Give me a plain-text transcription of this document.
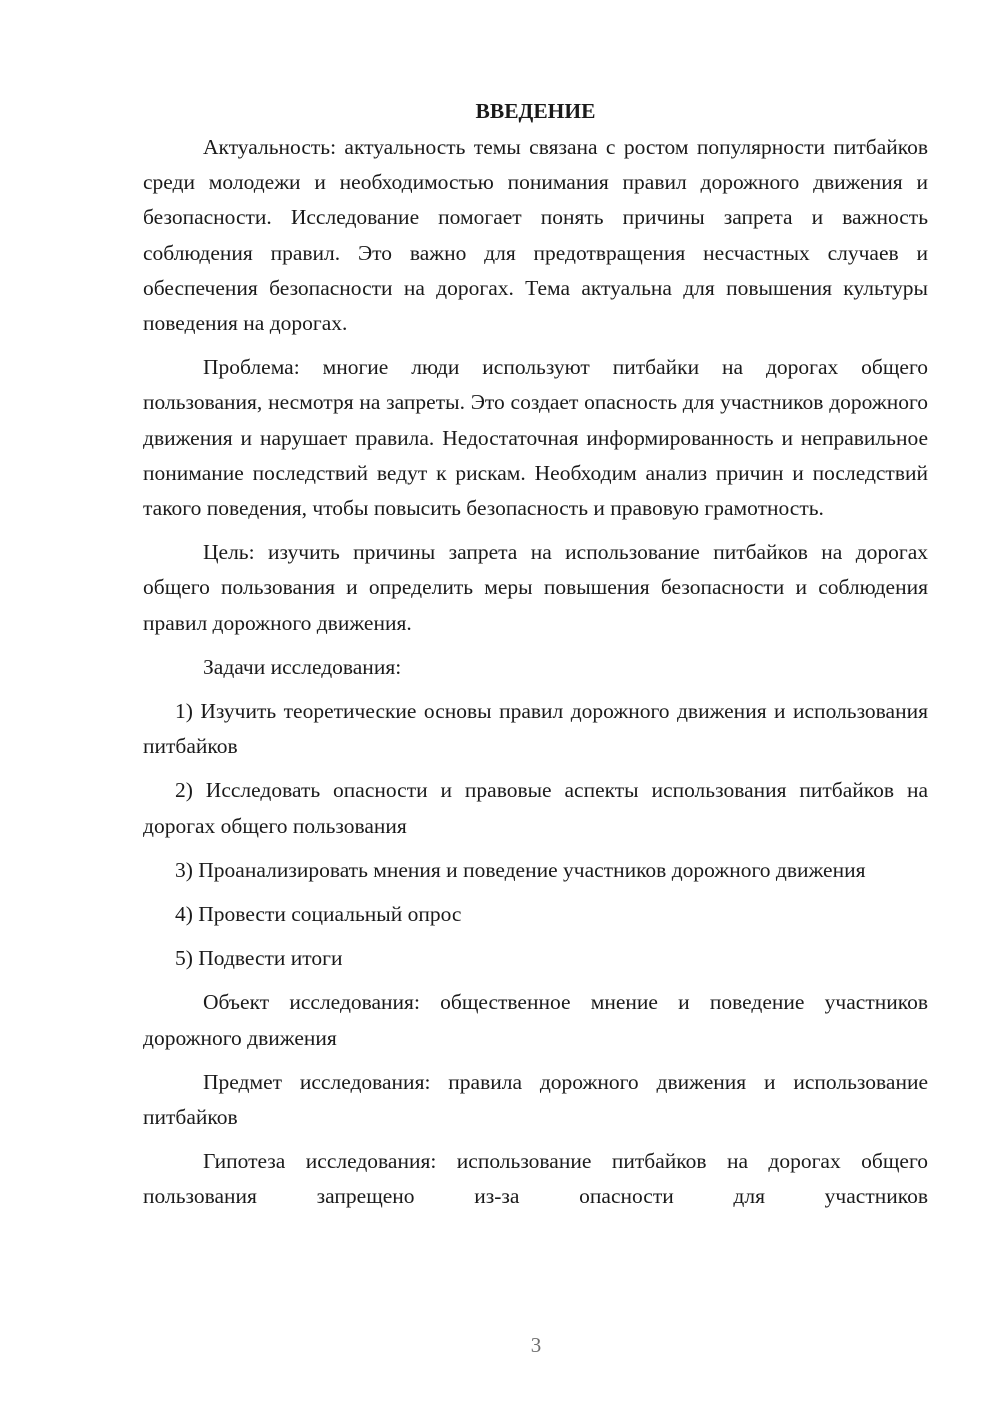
ВВЕДЕНИЕ

Актуальность: актуальность темы связана с ростом популярности питбайков среди молодежи и необходимостью понимания правил дорожного движения и безопасности. Исследование помогает понять причины запрета и важность соблюдения правил. Это важно для предотвращения несчастных случаев и обеспечения безопасности на дорогах. Тема актуальна для повышения культуры поведения на дорогах.

Проблема: многие люди используют питбайки на дорогах общего пользования, несмотря на запреты. Это создает опасность для участников дорожного движения и нарушает правила. Недостаточная информированность и неправильное понимание последствий ведут к рискам. Необходим анализ причин и последствий такого поведения, чтобы повысить безопасность и правовую грамотность.

Цель: изучить причины запрета на использование питбайков на дорогах общего пользования и определить меры повышения безопасности и соблюдения правил дорожного движения.

Задачи исследования:

1) Изучить теоретические основы правил дорожного движения и использования питбайков

2) Исследовать опасности и правовые аспекты использования питбайков на дорогах общего пользования

3) Проанализировать мнения и поведение участников дорожного движения

4) Провести социальный опрос

5) Подвести итоги

Объект исследования: общественное мнение и поведение участников дорожного движения

Предмет исследования: правила дорожного движения и использование питбайков

Гипотеза исследования: использование питбайков на дорогах общего пользования запрещено из-за опасности для участников

3
